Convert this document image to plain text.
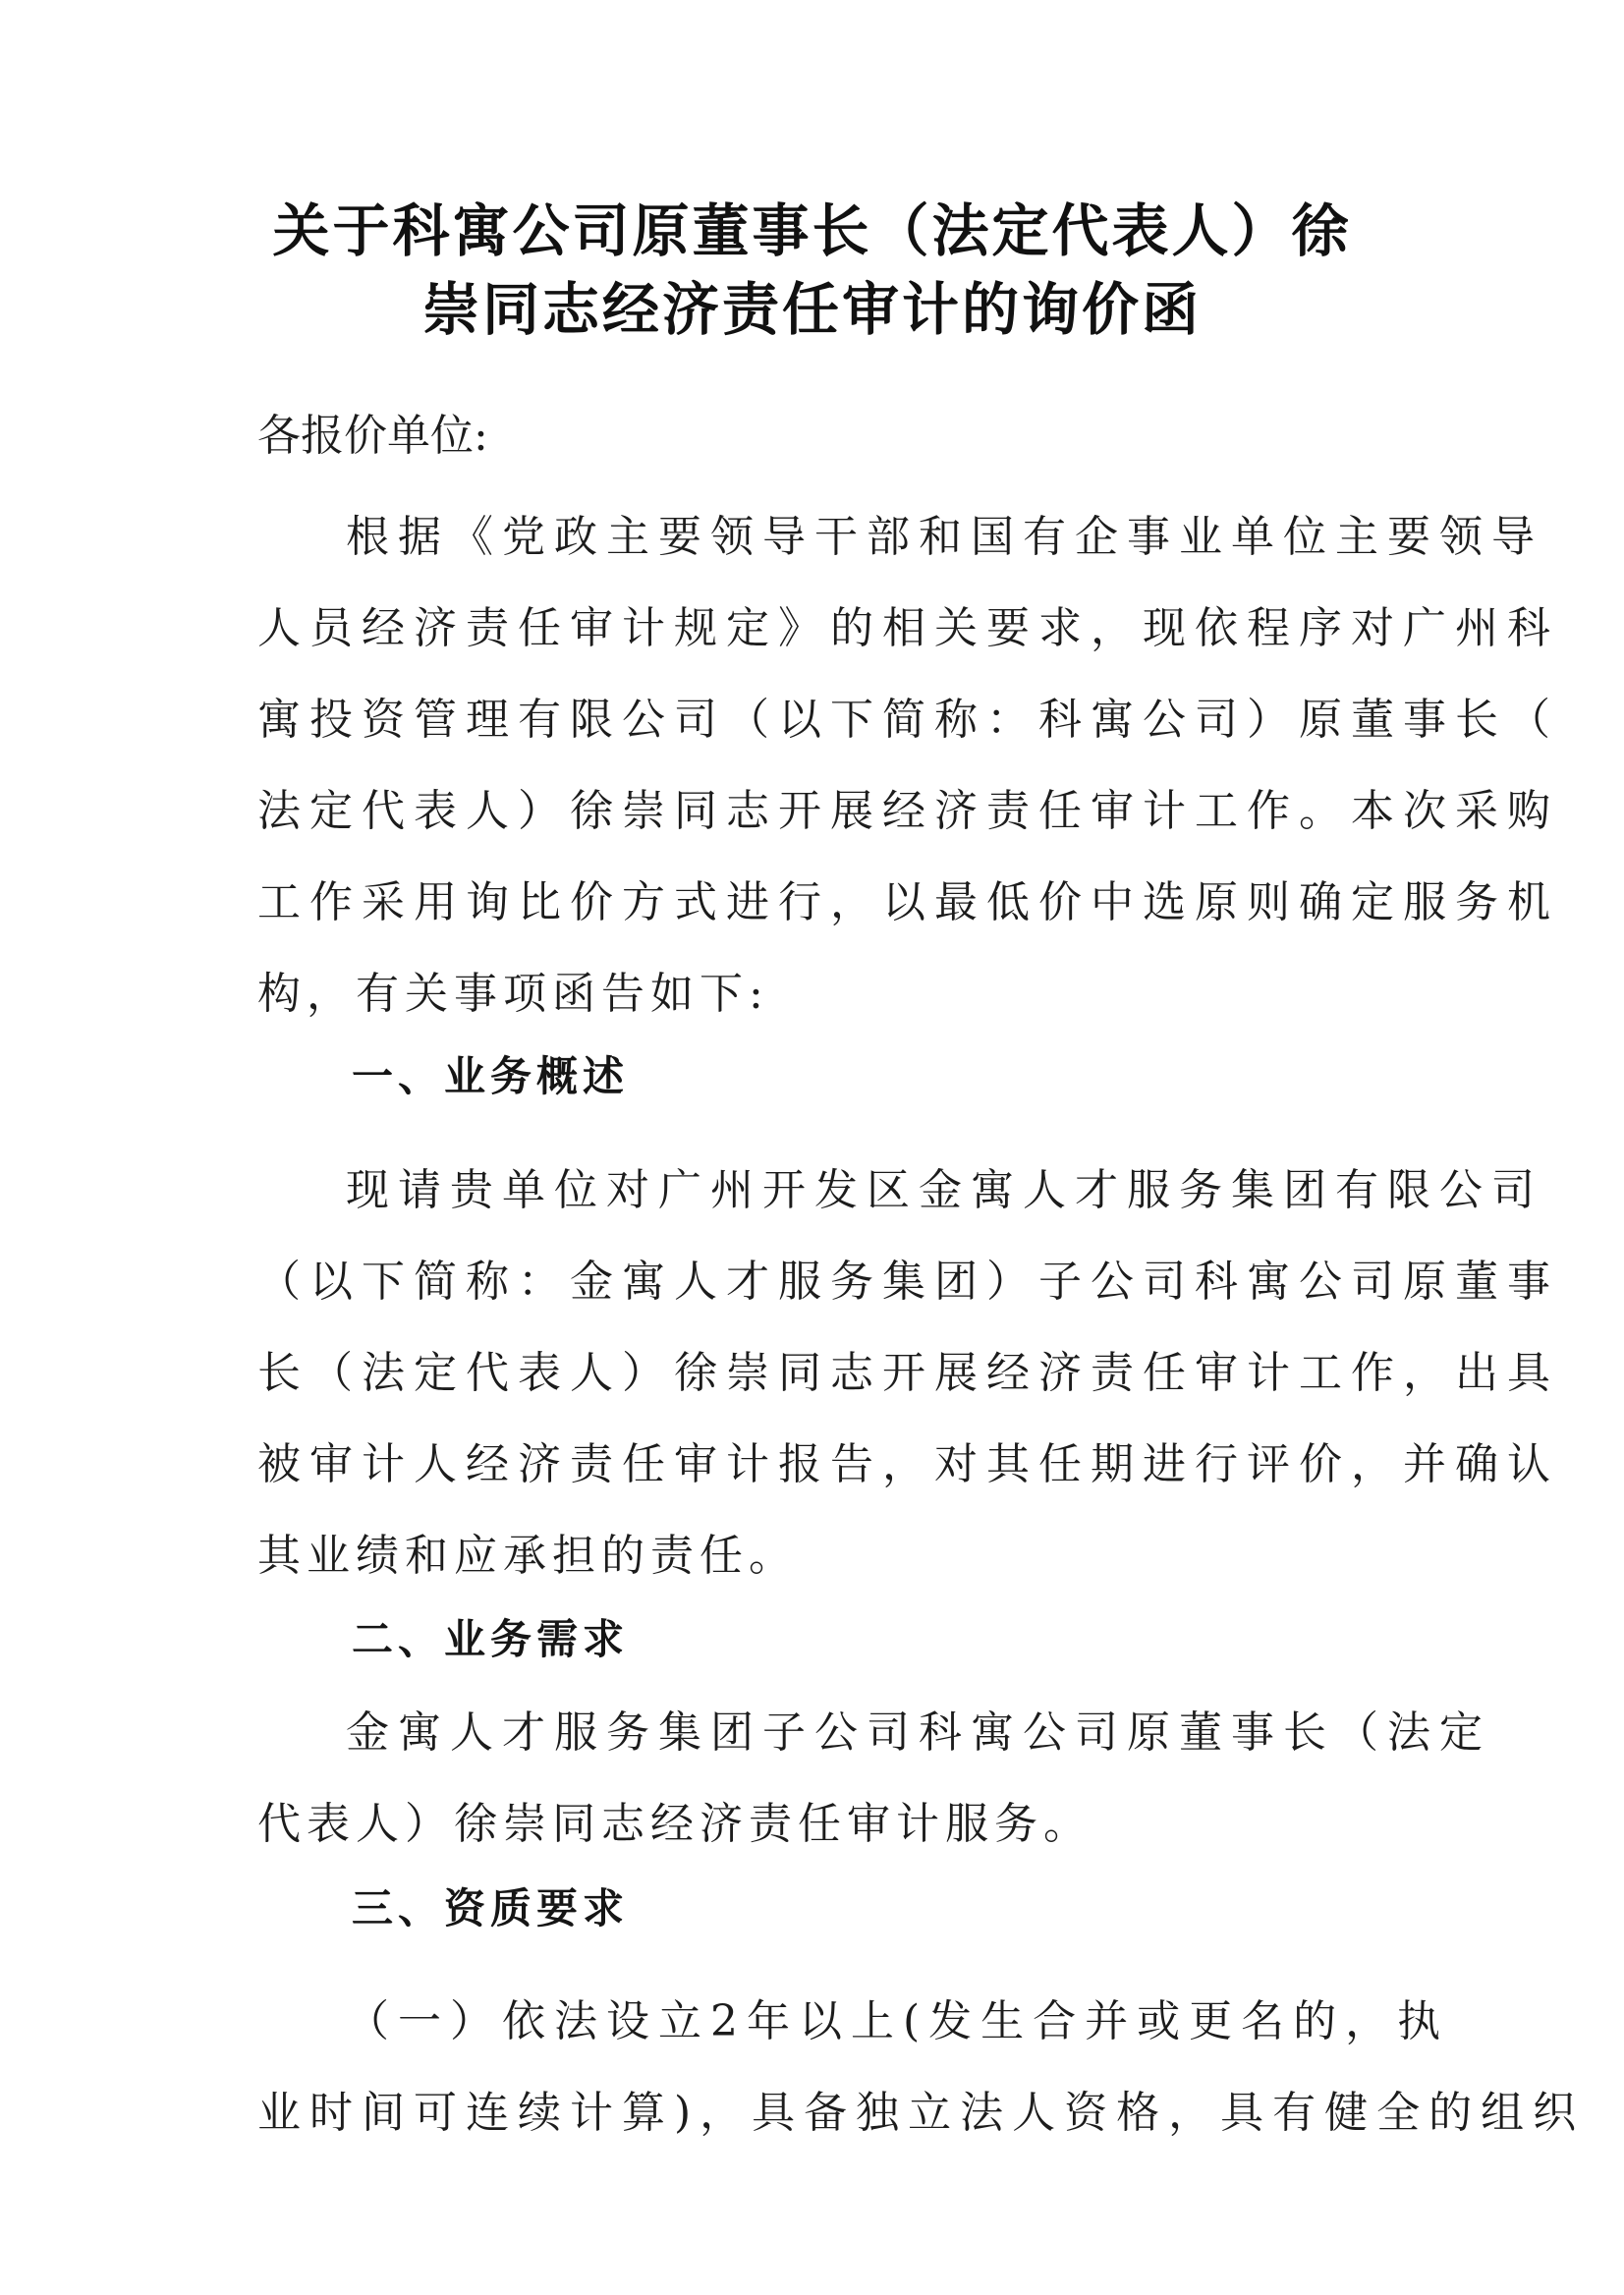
关于科寓公司原董事长（法定代表人）徐
崇同志经济责任审计的询价函

各报价单位:

根据《党政主要领导干部和国有企事业单位主要领导

人员经济责任审计规定》的相关要求，现依程序对广州科

寓投资管理有限公司（以下简称：科寓公司）原董事长（

法定代表人）徐崇同志开展经济责任审计工作。本次采购

工作采用询比价方式进行，以最低价中选原则确定服务机

构，有关事项函告如下:

一、业务概述

现请贵单位对广州开发区金寓人才服务集团有限公司

（以下简称：金寓人才服务集团）子公司科寓公司原董事

长（法定代表人）徐崇同志开展经济责任审计工作，出具

被审计人经济责任审计报告，对其任期进行评价，并确认

其业绩和应承担的责任。

二、业务需求

金寓人才服务集团子公司科寓公司原董事长（法定

代表人）徐崇同志经济责任审计服务。

三、资质要求

（一）依法设立2年以上(发生合并或更名的，执

业时间可连续计算)，具备独立法人资格，具有健全的组织
